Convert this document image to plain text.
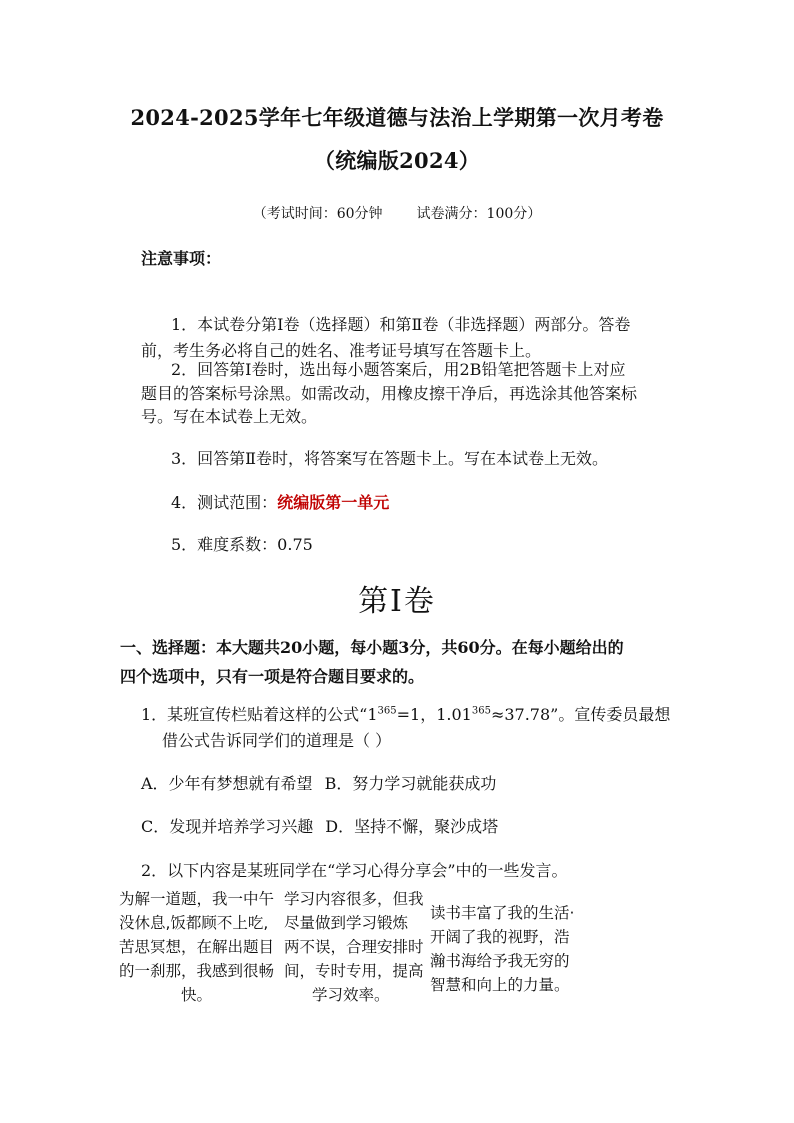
2024-2025学年七年级道德与法治上学期第一次月考卷
（统编版2024）
（考试时间：60分钟 试卷满分：100分）
注意事项：
1．本试卷分第Ⅰ卷（选择题）和第Ⅱ卷（非选择题）两部分。答卷
前，考生务必将自己的姓名、准考证号填写在答题卡上。
2．回答第Ⅰ卷时，选出每小题答案后，用2B铅笔把答题卡上对应
题目的答案标号涂黑。如需改动，用橡皮擦干净后，再选涂其他答案标
号。写在本试卷上无效。
3．回答第Ⅱ卷时，将答案写在答题卡上。写在本试卷上无效。
4．测试范围：统编版第一单元
5．难度系数：0.75
第Ⅰ卷
一、选择题：本大题共20小题，每小题3分，共60分。在每小题给出的
四个选项中，只有一项是符合题目要求的。
1．某班宣传栏贴着这样的公式“$1^{365}=1$，$1.01^{365}\approx 37.78$”。宣传委员最想
借公式告诉同学们的道理是（ ）
A．少年有梦想就有希望 B．努力学习就能获成功
C．发现并培养学习兴趣 D．坚持不懈，聚沙成塔
2．以下内容是某班同学在“学习心得分享会”中的一些发言。
为解一道题，我一中午
没休息,饭都顾不上吃,
苦思冥想，在解出题目
的一刹那，我感到很畅
快。
学习内容很多，但我
尽量做到学习锻炼
两不误，合理安排时
间，专时专用，提高
学习效率。
读书丰富了我的生活·
开阔了我的视野，浩
瀚书海给予我无穷的
智慧和向上的力量。
